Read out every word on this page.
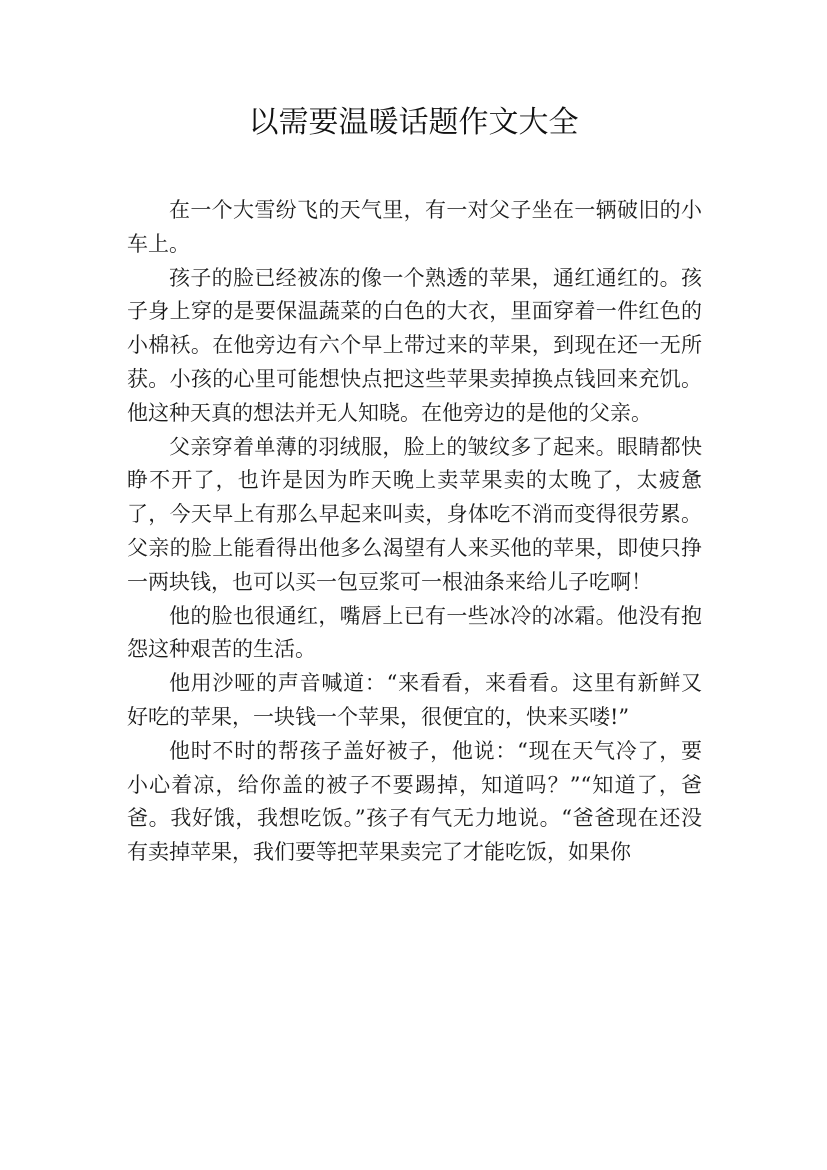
以需要温暖话题作文大全

在一个大雪纷飞的天气里，有一对父子坐在一辆破旧的小车上。

孩子的脸已经被冻的像一个熟透的苹果，通红通红的。孩子身上穿的是要保温蔬菜的白色的大衣，里面穿着一件红色的小棉袄。在他旁边有六个早上带过来的苹果，到现在还一无所获。小孩的心里可能想快点把这些苹果卖掉换点钱回来充饥。他这种天真的想法并无人知晓。在他旁边的是他的父亲。

父亲穿着单薄的羽绒服，脸上的皱纹多了起来。眼睛都快睁不开了，也许是因为昨天晚上卖苹果卖的太晚了，太疲惫了，今天早上有那么早起来叫卖，身体吃不消而变得很劳累。父亲的脸上能看得出他多么渴望有人来买他的苹果，即使只挣一两块钱，也可以买一包豆浆可一根油条来给儿子吃啊！

他的脸也很通红，嘴唇上已有一些冰冷的冰霜。他没有抱怨这种艰苦的生活。

他用沙哑的声音喊道：“来看看，来看看。这里有新鲜又好吃的苹果，一块钱一个苹果，很便宜的，快来买喽!”

他时不时的帮孩子盖好被子，他说：“现在天气冷了，要小心着凉，给你盖的被子不要踢掉，知道吗？”“知道了，爸爸。我好饿，我想吃饭。”孩子有气无力地说。“爸爸现在还没有卖掉苹果，我们要等把苹果卖完了才能吃饭，如果你
